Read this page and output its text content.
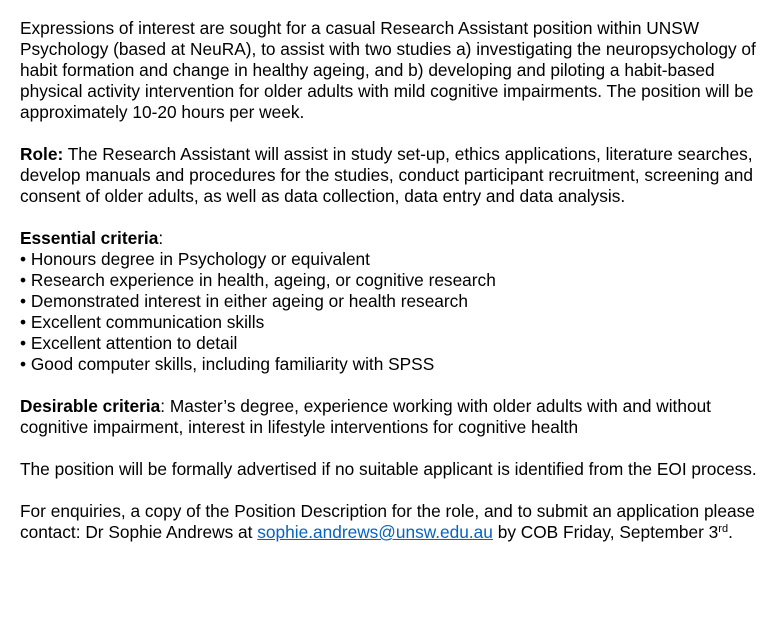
Expressions of interest are sought for a casual Research Assistant position within UNSW Psychology (based at NeuRA), to assist with two studies a) investigating the neuropsychology of habit formation and change in healthy ageing, and b) developing and piloting a habit-based physical activity intervention for older adults with mild cognitive impairments. The position will be approximately 10-20 hours per week.

Role: The Research Assistant will assist in study set-up, ethics applications, literature searches, develop manuals and procedures for the studies, conduct participant recruitment, screening and consent of older adults, as well as data collection, data entry and data analysis.

Essential criteria:
• Honours degree in Psychology or equivalent
• Research experience in health, ageing, or cognitive research
• Demonstrated interest in either ageing or health research
• Excellent communication skills
• Excellent attention to detail
• Good computer skills, including familiarity with SPSS

Desirable criteria: Master’s degree, experience working with older adults with and without cognitive impairment, interest in lifestyle interventions for cognitive health

The position will be formally advertised if no suitable applicant is identified from the EOI process.

For enquiries, a copy of the Position Description for the role, and to submit an application please contact: Dr Sophie Andrews at sophie.andrews@unsw.edu.au by COB Friday, September 3rd.
